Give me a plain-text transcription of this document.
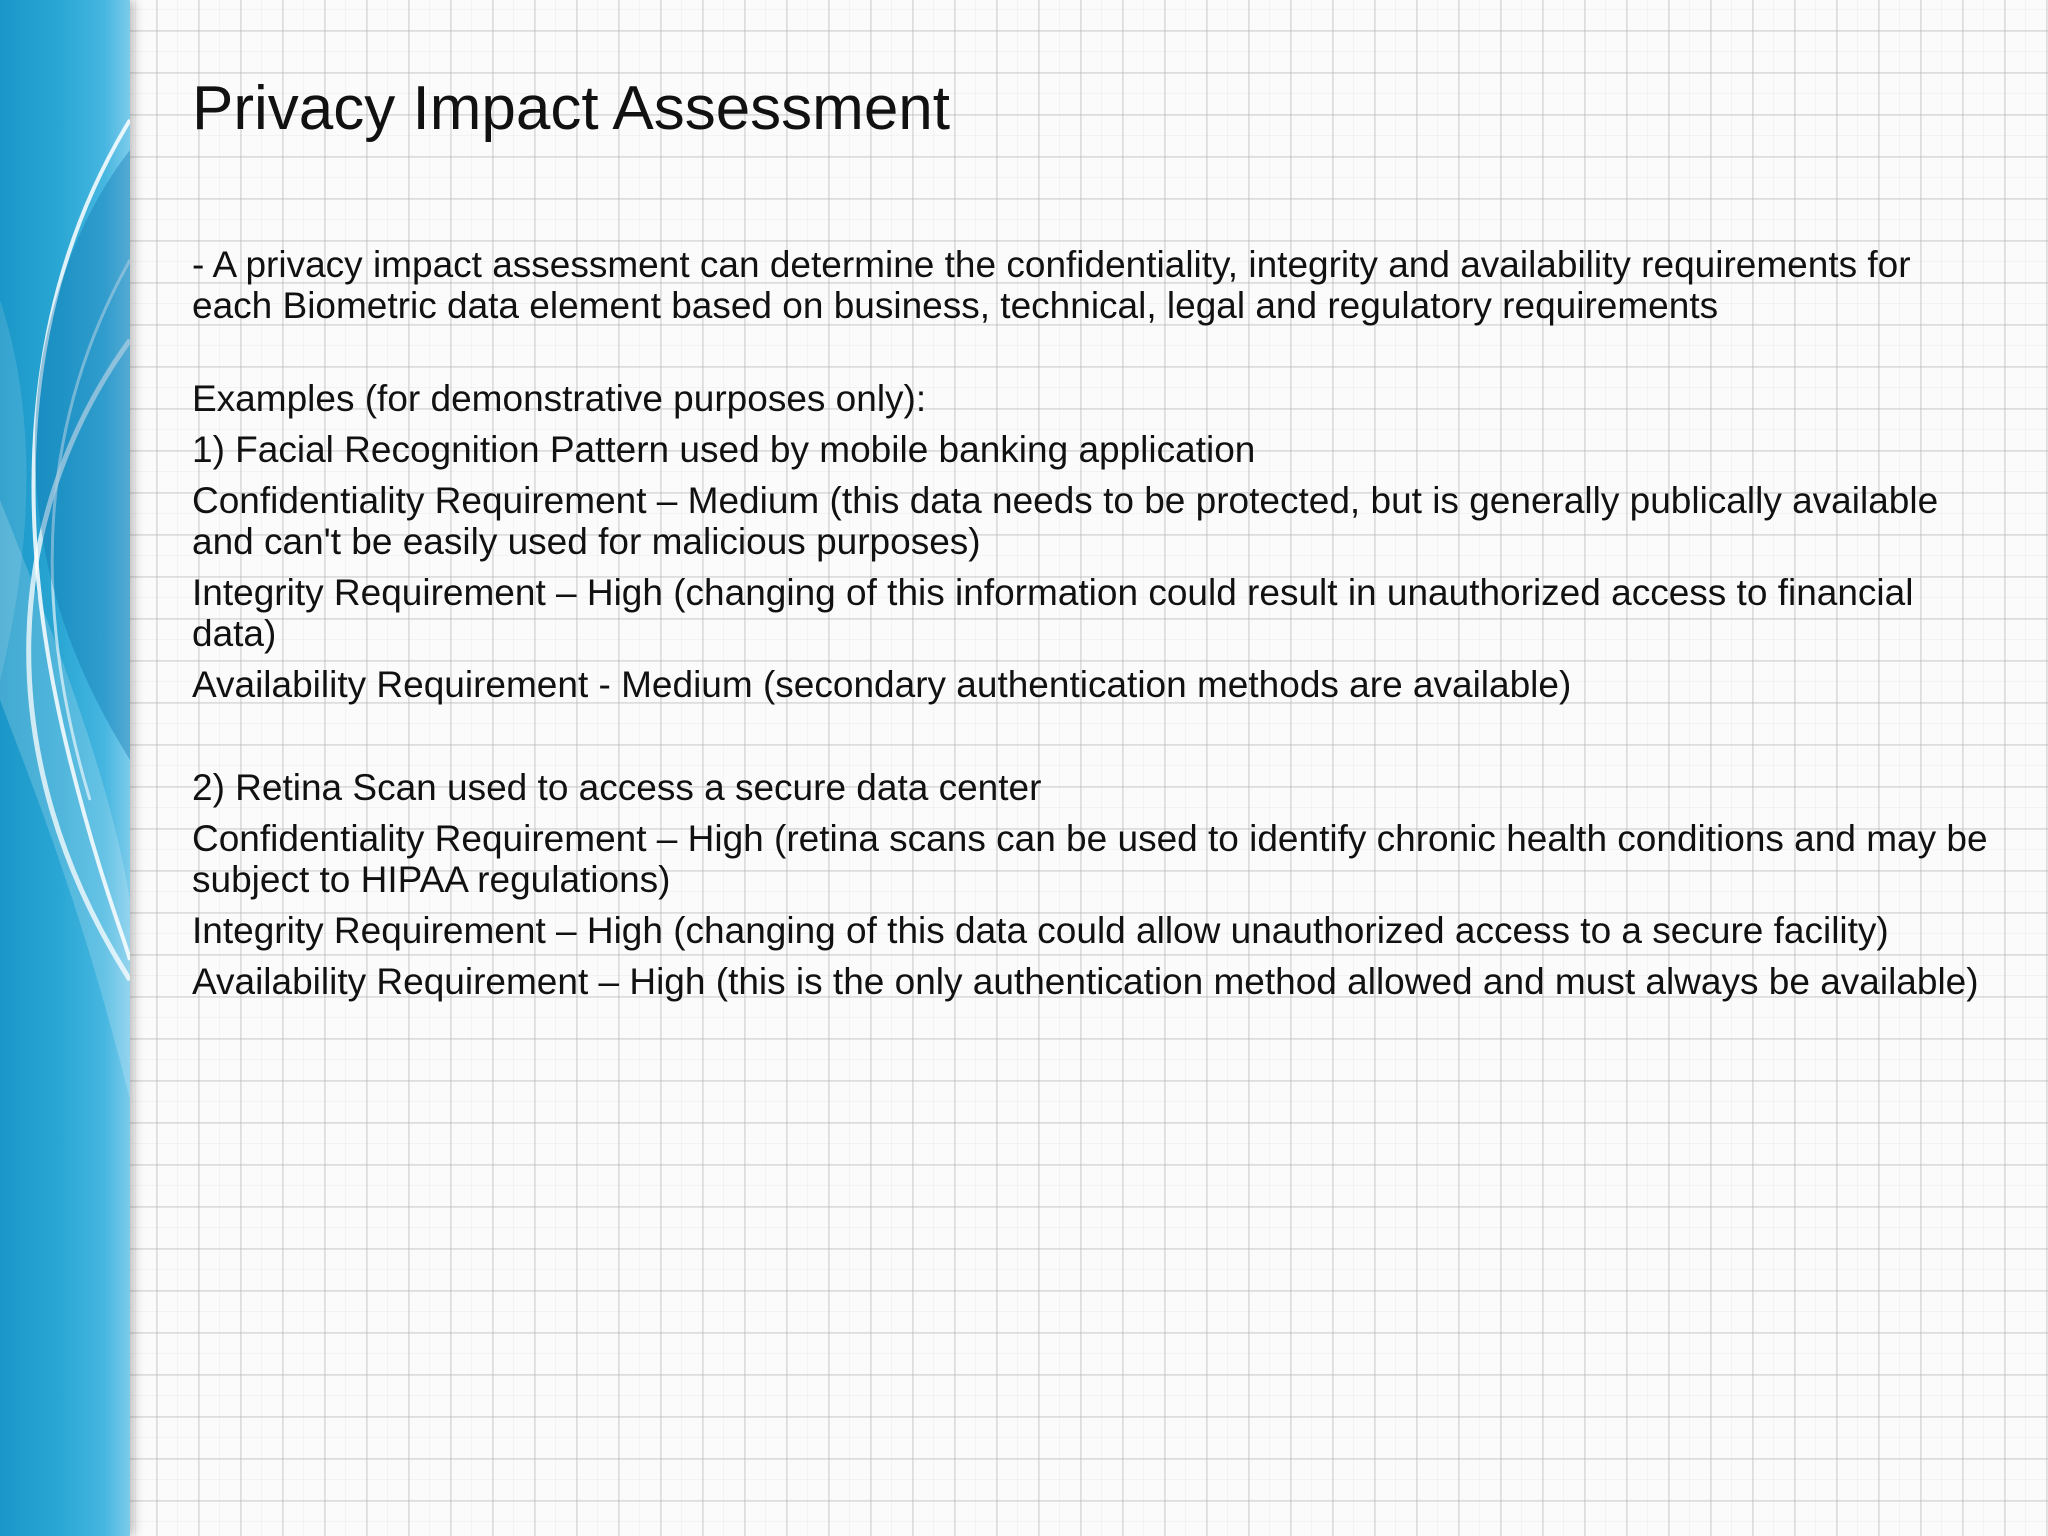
Privacy Impact Assessment

- A privacy impact assessment can determine the confidentiality, integrity and availability requirements for each Biometric data element based on business, technical, legal and regulatory requirements

Examples (for demonstrative purposes only):

1) Facial Recognition Pattern used by mobile banking application

Confidentiality Requirement – Medium (this data needs to be protected, but is generally publically available and can't be easily used for malicious purposes)

Integrity Requirement – High (changing of this information could result in unauthorized access to financial data)

Availability Requirement - Medium (secondary authentication methods are available)

2) Retina Scan used to access a secure data center

Confidentiality Requirement – High (retina scans can be used to identify chronic health conditions and may be subject to HIPAA regulations)

Integrity Requirement – High (changing of this data could allow unauthorized access to a secure facility)

Availability Requirement – High (this is the only authentication method allowed and must always be available)
